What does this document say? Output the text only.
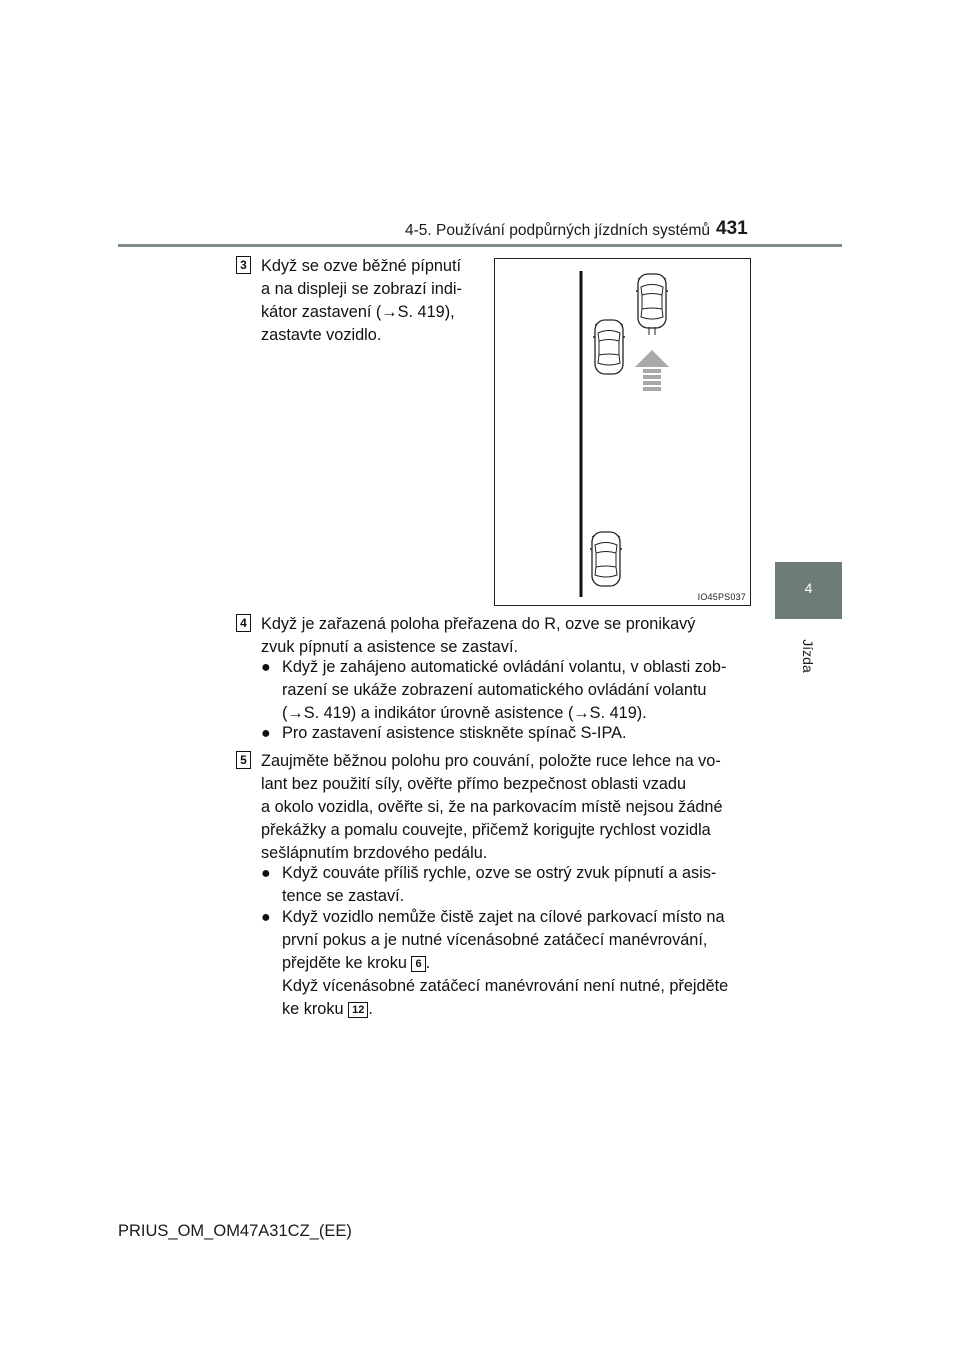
4-5. Používání podpůrných jízdních systémů 431
4
Jízda
3 Když se ozve běžné pípnutí
a na displeji se zobrazí indi-
kátor zastavení (→S. 419),
zastavte vozidlo.
IO45PS037
4 Když je zařazená poloha přeřazena do R, ozve se pronikavý
zvuk pípnutí a asistence se zastaví.
● Když je zahájeno automatické ovládání volantu, v oblasti zob-
razení se ukáže zobrazení automatického ovládání volantu
(→S. 419) a indikátor úrovně asistence (→S. 419).
● Pro zastavení asistence stiskněte spínač S-IPA.
5 Zaujměte běžnou polohu pro couvání, položte ruce lehce na vo-
lant bez použití síly, ověřte přímo bezpečnost oblasti vzadu
a okolo vozidla, ověřte si, že na parkovacím místě nejsou žádné
překážky a pomalu couvejte, přičemž korigujte rychlost vozidla
sešlápnutím brzdového pedálu.
● Když couváte příliš rychle, ozve se ostrý zvuk pípnutí a asis-
tence se zastaví.
● Když vozidlo nemůže čistě zajet na cílové parkovací místo na
první pokus a je nutné vícenásobné zatáčecí manévrování,
přejděte ke kroku 6 .
Když vícenásobné zatáčecí manévrování není nutné, přejděte
ke kroku 12 .
PRIUS_OM_OM47A31CZ_(EE)
